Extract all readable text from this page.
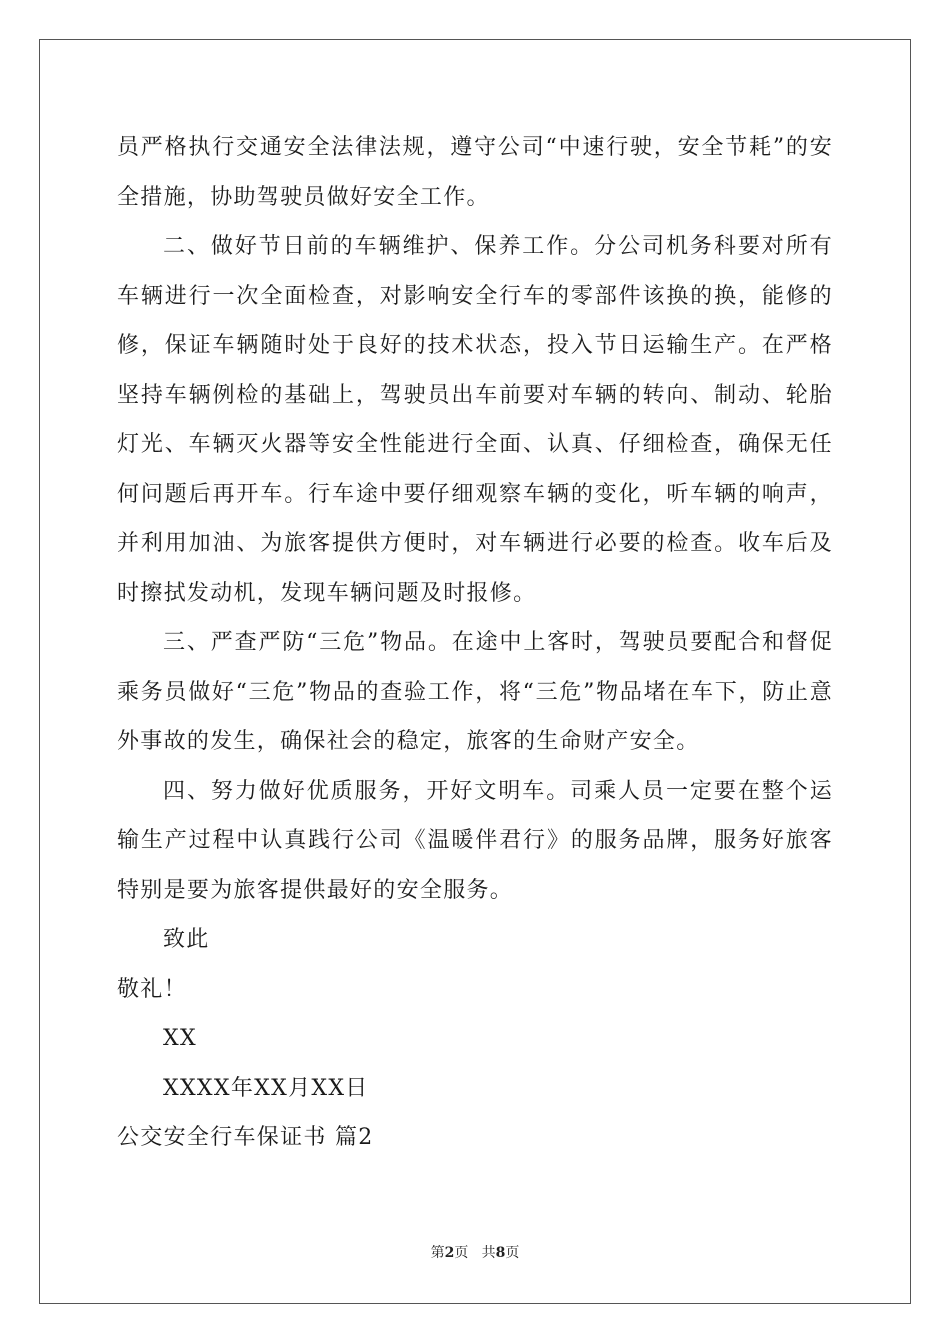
员严格执行交通安全法律法规，遵守公司“中速行驶，安全节耗”的安全措施，协助驾驶员做好安全工作。

二、做好节日前的车辆维护、保养工作。分公司机务科要对所有车辆进行一次全面检查，对影响安全行车的零部件该换的换，能修的修，保证车辆随时处于良好的技术状态，投入节日运输生产。在严格坚持车辆例检的基础上，驾驶员出车前要对车辆的转向、制动、轮胎灯光、车辆灭火器等安全性能进行全面、认真、仔细检查，确保无任何问题后再开车。行车途中要仔细观察车辆的变化，听车辆的响声，并利用加油、为旅客提供方便时，对车辆进行必要的检查。收车后及时擦拭发动机，发现车辆问题及时报修。

三、严查严防“三危”物品。在途中上客时，驾驶员要配合和督促乘务员做好“三危”物品的查验工作，将“三危”物品堵在车下，防止意外事故的发生，确保社会的稳定，旅客的生命财产安全。

四、努力做好优质服务，开好文明车。司乘人员一定要在整个运输生产过程中认真践行公司《温暖伴君行》的服务品牌，服务好旅客特别是要为旅客提供最好的安全服务。

致此

敬礼！

XX

XXXX年XX月XX日

公交安全行车保证书 篇2

第2页 共8页
